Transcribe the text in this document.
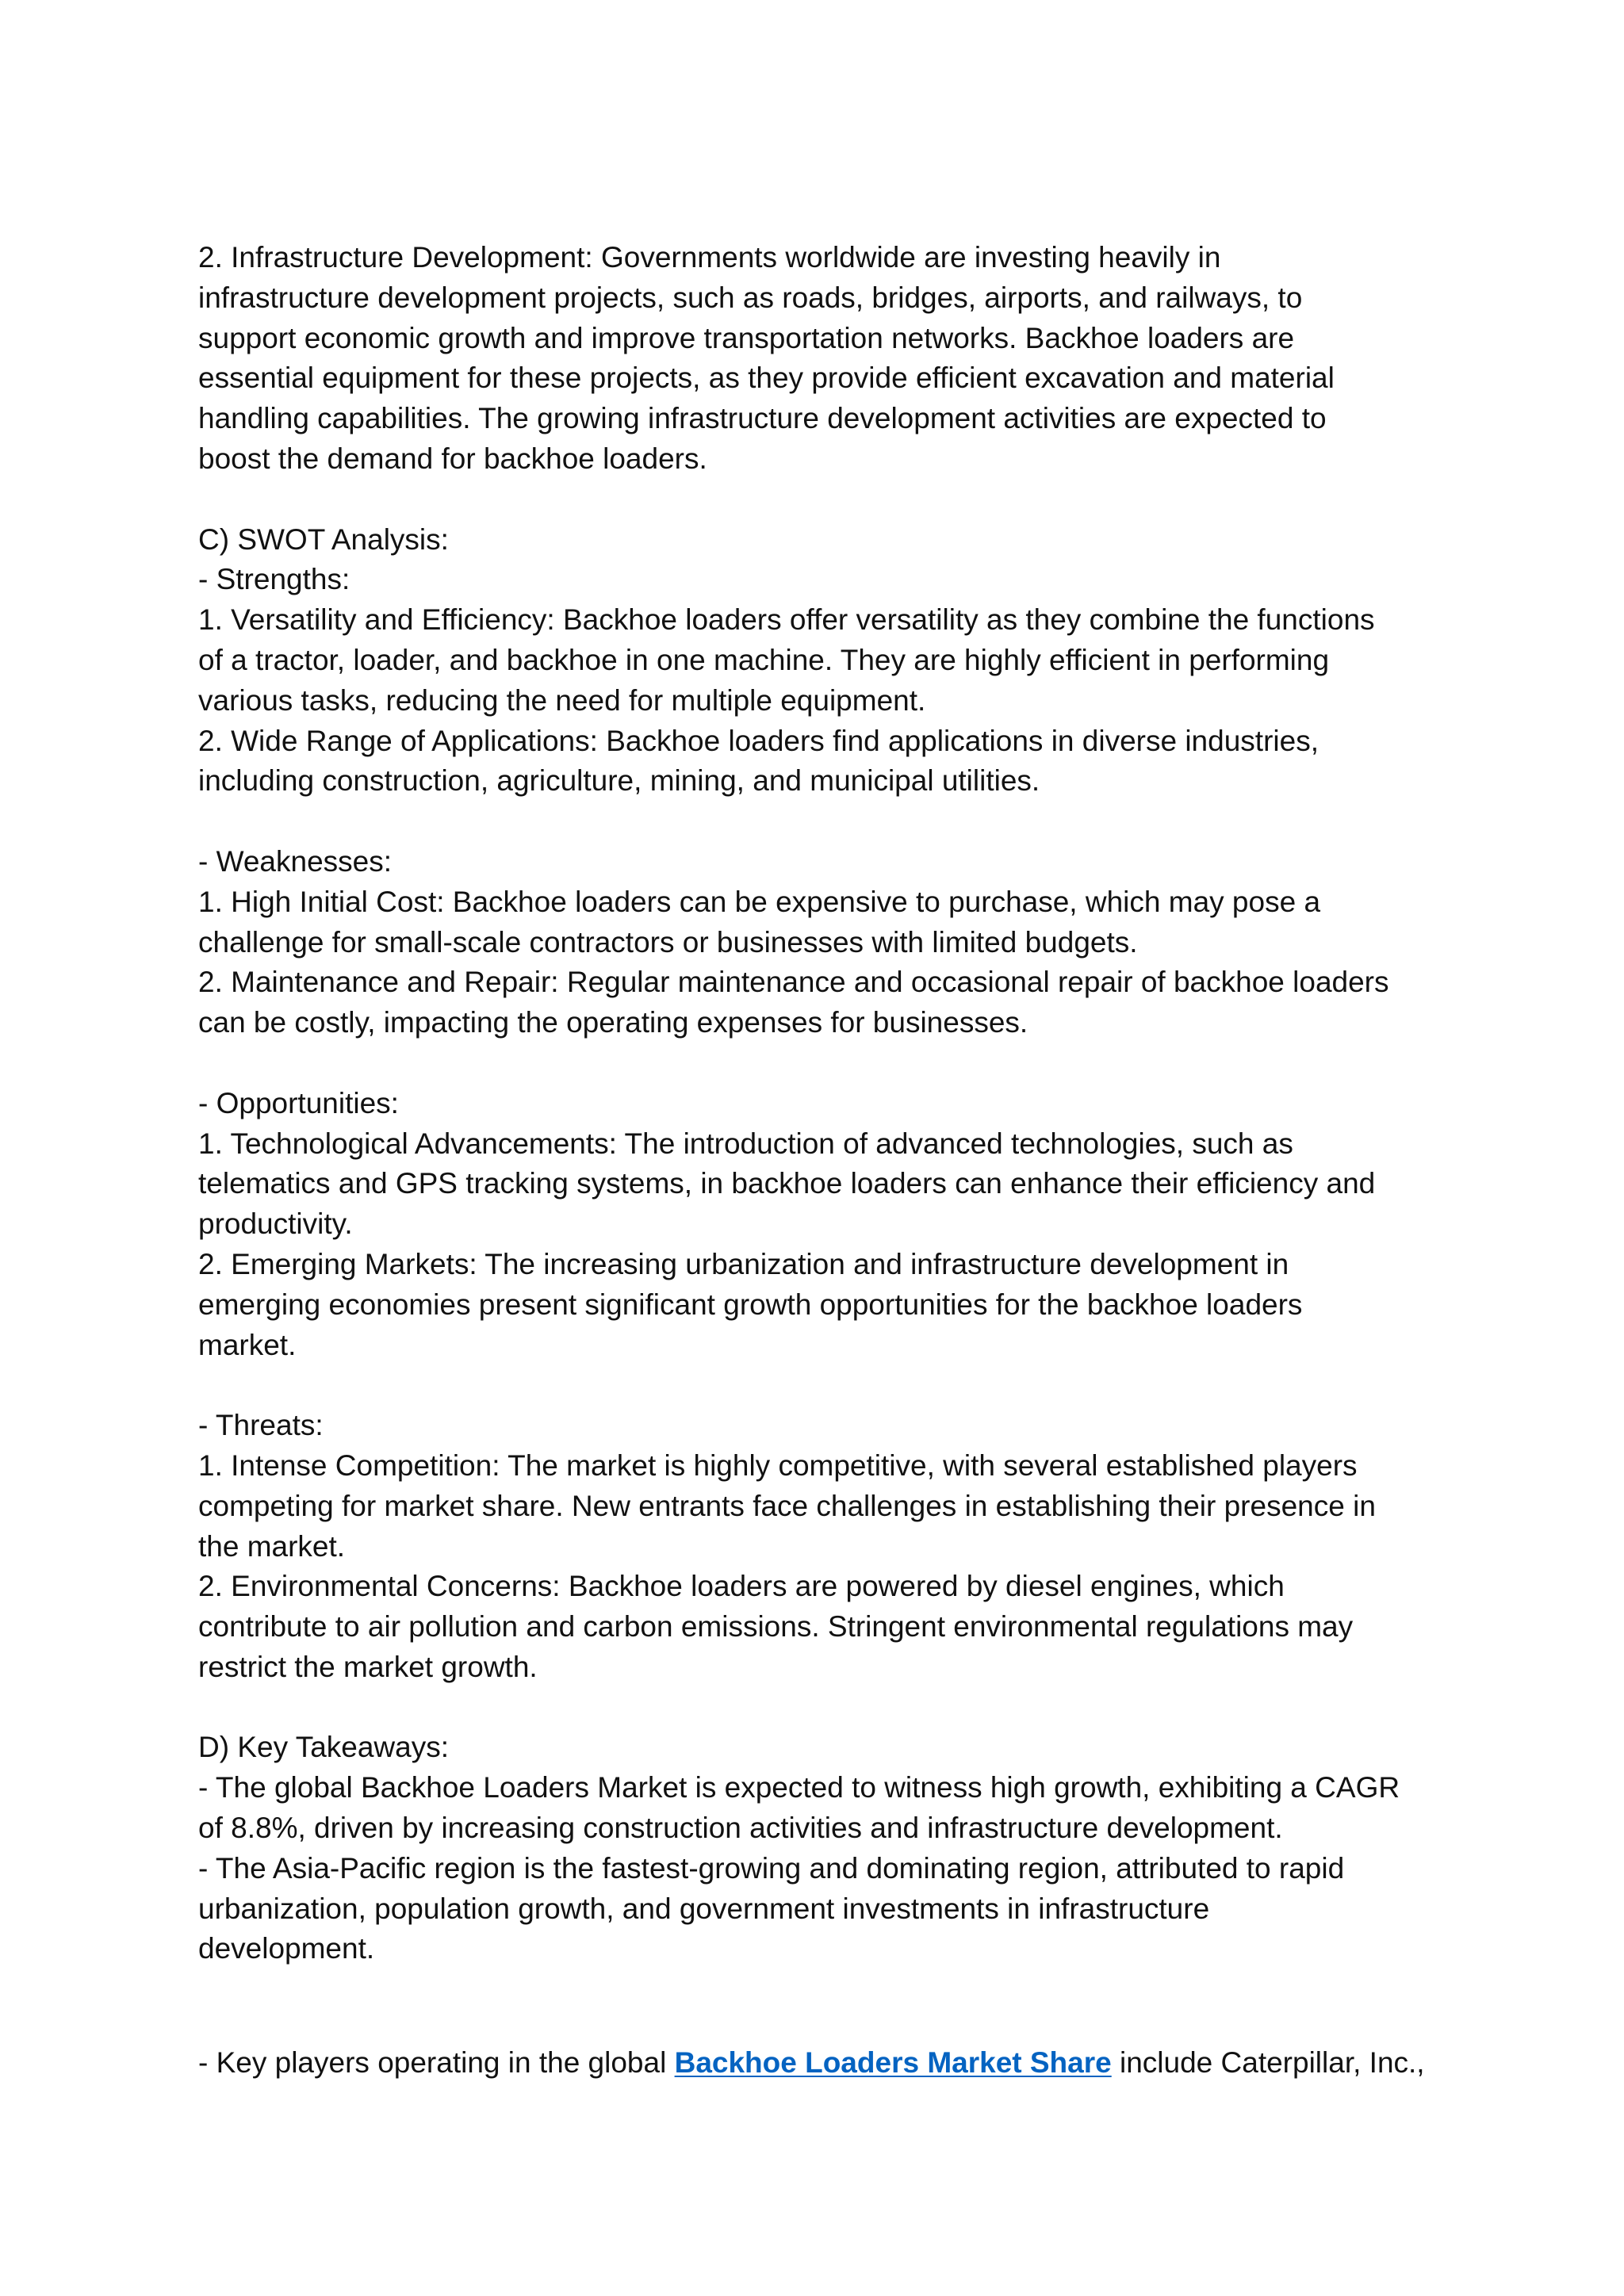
2. Infrastructure Development: Governments worldwide are investing heavily in
infrastructure development projects, such as roads, bridges, airports, and railways, to
support economic growth and improve transportation networks. Backhoe loaders are
essential equipment for these projects, as they provide efficient excavation and material
handling capabilities. The growing infrastructure development activities are expected to
boost the demand for backhoe loaders.
C) SWOT Analysis:
- Strengths:
1. Versatility and Efficiency: Backhoe loaders offer versatility as they combine the functions
of a tractor, loader, and backhoe in one machine. They are highly efficient in performing
various tasks, reducing the need for multiple equipment.
2. Wide Range of Applications: Backhoe loaders find applications in diverse industries,
including construction, agriculture, mining, and municipal utilities.
- Weaknesses:
1. High Initial Cost: Backhoe loaders can be expensive to purchase, which may pose a
challenge for small-scale contractors or businesses with limited budgets.
2. Maintenance and Repair: Regular maintenance and occasional repair of backhoe loaders
can be costly, impacting the operating expenses for businesses.
- Opportunities:
1. Technological Advancements: The introduction of advanced technologies, such as
telematics and GPS tracking systems, in backhoe loaders can enhance their efficiency and
productivity.
2. Emerging Markets: The increasing urbanization and infrastructure development in
emerging economies present significant growth opportunities for the backhoe loaders
market.
- Threats:
1. Intense Competition: The market is highly competitive, with several established players
competing for market share. New entrants face challenges in establishing their presence in
the market.
2. Environmental Concerns: Backhoe loaders are powered by diesel engines, which
contribute to air pollution and carbon emissions. Stringent environmental regulations may
restrict the market growth.
D) Key Takeaways:
- The global Backhoe Loaders Market is expected to witness high growth, exhibiting a CAGR
of 8.8%, driven by increasing construction activities and infrastructure development.
- The Asia-Pacific region is the fastest-growing and dominating region, attributed to rapid
urbanization, population growth, and government investments in infrastructure
development.
- Key players operating in the global Backhoe Loaders Market Share include Caterpillar, Inc.,
